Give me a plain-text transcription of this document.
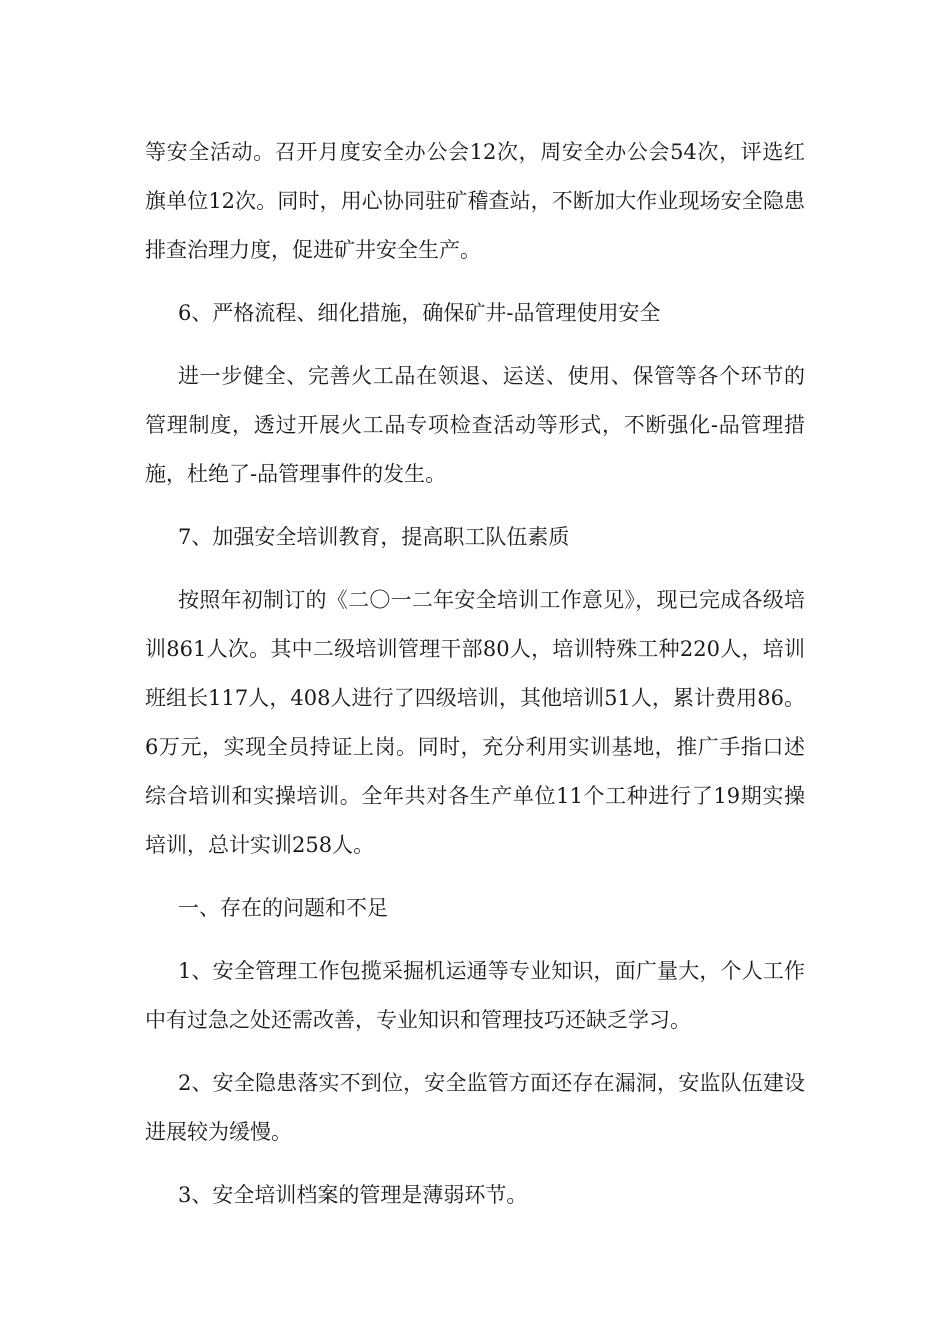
等安全活动。召开月度安全办公会12次，周安全办公会54次，评选红旗单位12次。同时，用心协同驻矿稽查站，不断加大作业现场安全隐患排查治理力度，促进矿井安全生产。

6、严格流程、细化措施，确保矿井-品管理使用安全

进一步健全、完善火工品在领退、运送、使用、保管等各个环节的管理制度，透过开展火工品专项检查活动等形式，不断强化-品管理措施，杜绝了-品管理事件的发生。

7、加强安全培训教育，提高职工队伍素质

按照年初制订的《二〇一二年安全培训工作意见》，现已完成各级培训861人次。其中二级培训管理干部80人，培训特殊工种220人，培训班组长117人，408人进行了四级培训，其他培训51人，累计费用86。6万元，实现全员持证上岗。同时，充分利用实训基地，推广手指口述综合培训和实操培训。全年共对各生产单位11个工种进行了19期实操培训，总计实训258人。

一、存在的问题和不足

1、安全管理工作包揽采掘机运通等专业知识，面广量大，个人工作中有过急之处还需改善，专业知识和管理技巧还缺乏学习。

2、安全隐患落实不到位，安全监管方面还存在漏洞，安监队伍建设进展较为缓慢。

3、安全培训档案的管理是薄弱环节。
